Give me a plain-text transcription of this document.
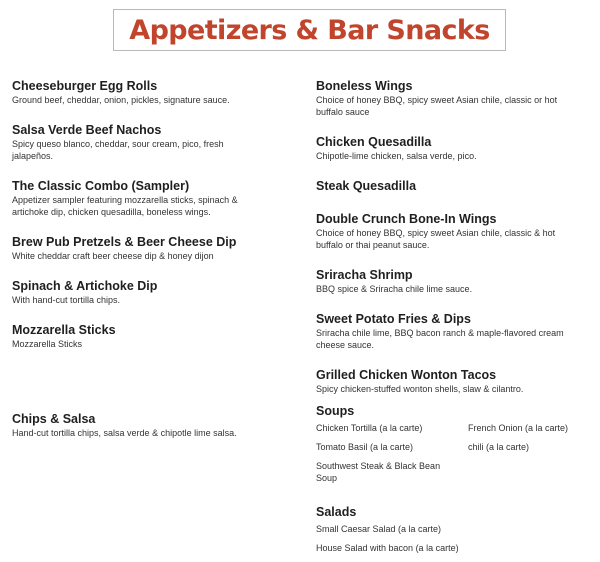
Appetizers & Bar Snacks
Cheeseburger Egg Rolls
Ground beef, cheddar, onion, pickles, signature sauce.
Salsa Verde Beef Nachos
Spicy queso blanco, cheddar, sour cream, pico, fresh jalapeños.
The Classic Combo (Sampler)
Appetizer sampler featuring mozzarella sticks, spinach & artichoke dip, chicken quesadilla, boneless wings.
Brew Pub Pretzels & Beer Cheese Dip
White cheddar craft beer cheese dip & honey dijon
Spinach & Artichoke Dip
With hand-cut tortilla chips.
Mozzarella Sticks
Mozzarella Sticks
Chips & Salsa
Hand-cut tortilla chips, salsa verde & chipotle lime salsa.
Boneless Wings
Choice of honey BBQ, spicy sweet Asian chile, classic or hot buffalo sauce
Chicken Quesadilla
Chipotle-lime chicken, salsa verde, pico.
Steak Quesadilla
Double Crunch Bone-In Wings
Choice of honey BBQ, spicy sweet Asian chile, classic & hot buffalo or thai peanut sauce.
Sriracha Shrimp
BBQ spice & Sriracha chile lime sauce.
Sweet Potato Fries & Dips
Sriracha chile lime, BBQ bacon ranch & maple-flavored cream cheese sauce.
Grilled Chicken Wonton Tacos
Spicy chicken-stuffed wonton shells, slaw & cilantro.
Soups
Chicken Tortilla (a la carte)	French Onion (a la carte)
Tomato Basil (a la carte)	chili (a la carte)
Southwest Steak & Black Bean Soup
Salads
Small Caesar Salad (a la carte)
House Salad with bacon (a la carte)
